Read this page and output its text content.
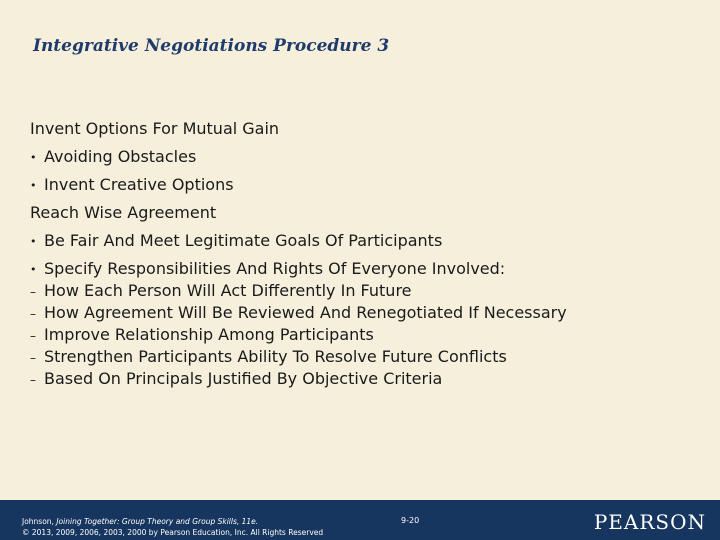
Integrative Negotiations Procedure 3
Invent Options For Mutual Gain
• Avoiding Obstacles
• Invent Creative Options
Reach Wise Agreement
• Be Fair And Meet Legitimate Goals Of Participants
• Specify Responsibilities And Rights Of Everyone Involved:
– How Each Person Will Act Differently In Future
– How Agreement Will Be Reviewed And Renegotiated If Necessary
– Improve Relationship Among Participants
– Strengthen Participants Ability To Resolve Future Conflicts
– Based On Principals Justified By Objective Criteria
Johnson, Joining Together: Group Theory and Group Skills, 11e.
© 2013, 2009, 2006, 2003, 2000 by Pearson Education, Inc. All Rights Reserved
9-20	PEARSON
